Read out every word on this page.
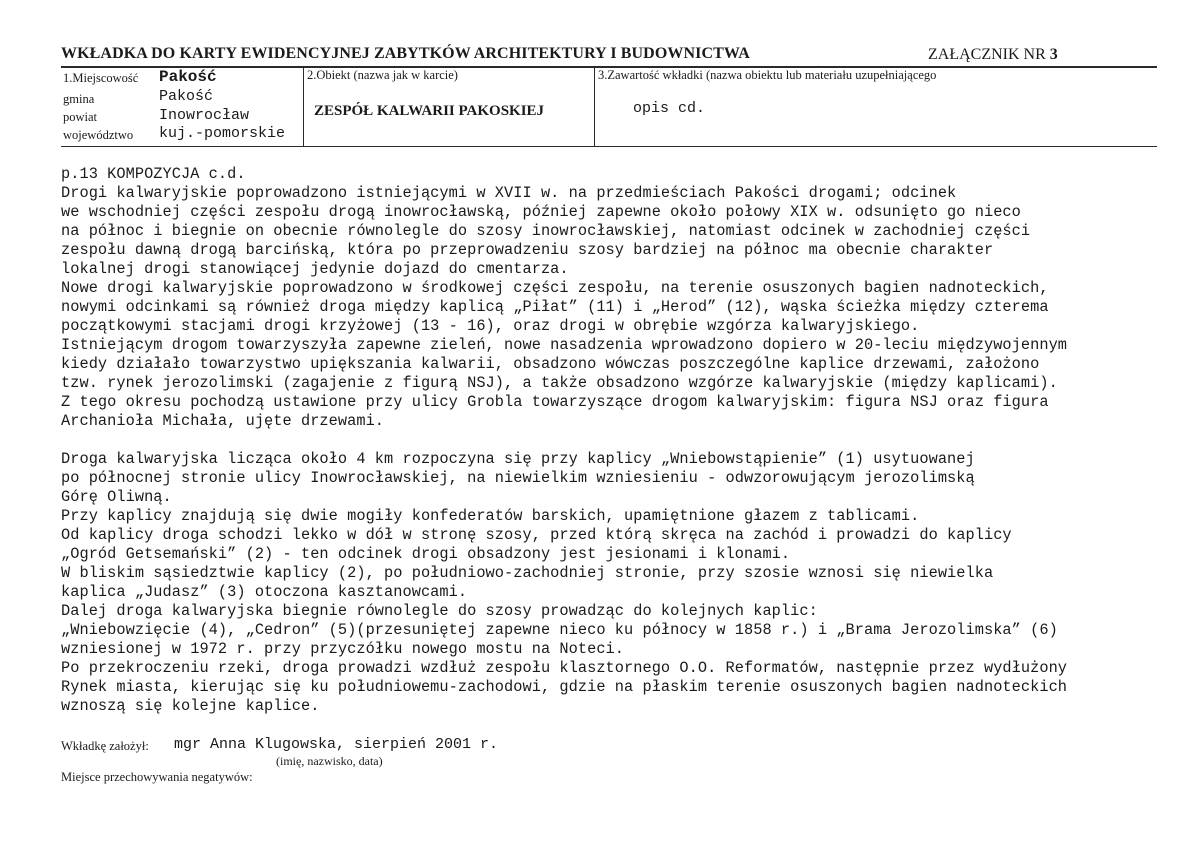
WKŁADKA DO KARTY EWIDENCYJNEJ ZABYTKÓW ARCHITEKTURY I BUDOWNICTWA	ZAŁĄCZNIK NR 3
1.Miejscowość Pakość
gmina	Pakość
powiat	Inowrocław
województwo kuj.-pomorskie
2.Obiekt (nazwa jak w karcie)
ZESPÓŁ KALWARII PAKOSKIEJ
3.Zawartość wkładki (nazwa obiektu lub materiału uzupełniającego
opis cd.
p.13 KOMPOZYCJA c.d.
Drogi kalwaryjskie poprowadzono istniejącymi w XVII w. na przedmieściach Pakości drogami; odcinek
we wschodniej części zespołu drogą inowrocławską, później zapewne około połowy XIX w. odsunięto go nieco
na północ i biegnie on obecnie równolegle do szosy inowrocławskiej, natomiast odcinek w zachodniej części
zespołu dawną drogą barcińską, która po przeprowadzeniu szosy bardziej na północ ma obecnie charakter
lokalnej drogi stanowiącej jedynie dojazd do cmentarza.
Nowe drogi kalwaryjskie poprowadzono w środkowej części zespołu, na terenie osuszonych bagien nadnoteckich,
nowymi odcinkami są również droga między kaplicą „Piłat” (11) i „Herod” (12), wąska ścieżka między czterema
początkowymi stacjami drogi krzyżowej (13 - 16), oraz drogi w obrębie wzgórza kalwaryjskiego.
Istniejącym drogom towarzyszyła zapewne zieleń, nowe nasadzenia wprowadzono dopiero w 20-leciu międzywojennym
kiedy działało towarzystwo upiększania kalwarii, obsadzono wówczas poszczególne kaplice drzewami, założono
tzw. rynek jerozolimski (zagajenie z figurą NSJ), a także obsadzono wzgórze kalwaryjskie (między kaplicami).
Z tego okresu pochodzą ustawione przy ulicy Grobla towarzyszące drogom kalwaryjskim: figura NSJ oraz figura
Archanioła Michała, ujęte drzewami.
Droga kalwaryjska licząca około 4 km rozpoczyna się przy kaplicy „Wniebowstąpienie” (1) usytuowanej
po północnej stronie ulicy Inowrocławskiej, na niewielkim wzniesieniu - odwzorowującym jerozolimską
Górę Oliwną.
Przy kaplicy znajdują się dwie mogiły konfederatów barskich, upamiętnione głazem z tablicami.
Od kaplicy droga schodzi lekko w dół w stronę szosy, przed którą skręca na zachód i prowadzi do kaplicy
„Ogród Getsemański” (2) - ten odcinek drogi obsadzony jest jesionami i klonami.
W bliskim sąsiedztwie kaplicy (2), po południowo-zachodniej stronie, przy szosie wznosi się niewielka
kaplica „Judasz” (3) otoczona kasztanowcami.
Dalej droga kalwaryjska biegnie równolegle do szosy prowadząc do kolejnych kaplic:
„Wniebowzięcie (4), „Cedron” (5)(przesuniętej zapewne nieco ku północy w 1858 r.) i „Brama Jerozolimska” (6)
wzniesionej w 1972 r. przy przyczółku nowego mostu na Noteci.
Po przekroczeniu rzeki, droga prowadzi wzdłuż zespołu klasztornego O.O. Reformatów, następnie przez wydłużony
Rynek miasta, kierując się ku południowemu-zachodowi, gdzie na płaskim terenie osuszonych bagien nadnoteckich
wznoszą się kolejne kaplice.
Wkładkę założył: mgr Anna Klugowska, sierpień 2001 r.
(imię, nazwisko, data)
Miejsce przechowywania negatywów:
